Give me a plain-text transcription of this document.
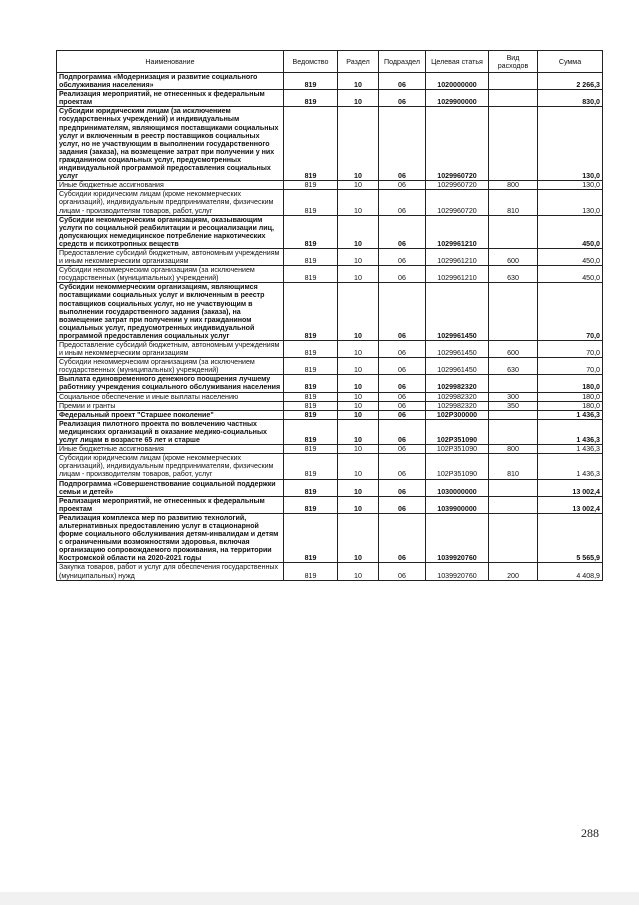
Наименование	Ведомство	Раздел	Подраздел	Целевая статья	Вид расходов	Сумма
Подпрограмма «Модернизация и развитие социального обслуживания населения»	819	10	06	1020000000		2 266,3
Реализация мероприятий, не отнесенных к федеральным проектам	819	10	06	1029900000		830,0
Субсидии юридическим лицам (за исключением государственных учреждений) и индивидуальным предпринимателям, являющимся поставщиками социальных услуг и включенным в реестр поставщиков социальных услуг, но не участвующим в выполнении государственного задания (заказа), на возмещение затрат при получении у них гражданином социальных услуг, предусмотренных индивидуальной программой предоставления социальных услуг	819	10	06	1029960720		130,0
Иные бюджетные ассигнования	819	10	06	1029960720	800	130,0
Субсидии юридическим лицам (кроме некоммерческих организаций), индивидуальным предпринимателям, физическим лицам - производителям товаров, работ, услуг	819	10	06	1029960720	810	130,0
Субсидии некоммерческим организациям, оказывающим услуги по социальной реабилитации и ресоциализации лиц, допускающих немедицинское потребление наркотических средств и психотропных веществ	819	10	06	1029961210		450,0
Предоставление субсидий бюджетным, автономным учреждениям и иным некоммерческим организациям	819	10	06	1029961210	600	450,0
Субсидии некоммерческим организациям (за исключением государственных (муниципальных) учреждений)	819	10	06	1029961210	630	450,0
Субсидии некоммерческим организациям, являющимся поставщиками социальных услуг и включенным в реестр поставщиков социальных услуг, но не участвующим в выполнении государственного задания (заказа), на возмещение затрат при получении у них гражданином социальных услуг, предусмотренных индивидуальной программой предоставления социальных услуг	819	10	06	1029961450		70,0
Предоставление субсидий бюджетным, автономным учреждениям и иным некоммерческим организациям	819	10	06	1029961450	600	70,0
Субсидии некоммерческим организациям (за исключением государственных (муниципальных) учреждений)	819	10	06	1029961450	630	70,0
Выплата единовременного денежного поощрения лучшему работнику учреждения социального обслуживания населения	819	10	06	1029982320		180,0
Социальное обеспечение и иные выплаты населению	819	10	06	1029982320	300	180,0
Премии и гранты	819	10	06	1029982320	350	180,0
Федеральный проект "Старшее поколение"	819	10	06	102P300000		1 436,3
Реализация пилотного проекта по вовлечению частных медицинских организаций в оказание медико-социальных услуг лицам в возрасте 65 лет и старше	819	10	06	102P351090		1 436,3
Иные бюджетные ассигнования	819	10	06	102P351090	800	1 436,3
Субсидии юридическим лицам (кроме некоммерческих организаций), индивидуальным предпринимателям, физическим лицам - производителям товаров, работ, услуг	819	10	06	102P351090	810	1 436,3
Подпрограмма «Совершенствование социальной поддержки семьи и детей»	819	10	06	1030000000		13 002,4
Реализация мероприятий, не отнесенных к федеральным проектам	819	10	06	1039900000		13 002,4
Реализация комплекса мер по развитию технологий, альтернативных предоставлению услуг в стационарной форме социального обслуживания детям-инвалидам и детям с ограниченными возможностями здоровья, включая организацию сопровождаемого проживания, на территории Костромской области на 2020-2021 годы	819	10	06	1039920760		5 565,9
Закупка товаров, работ и услуг для обеспечения государственных (муниципальных) нужд	819	10	06	1039920760	200	4 408,9
288
